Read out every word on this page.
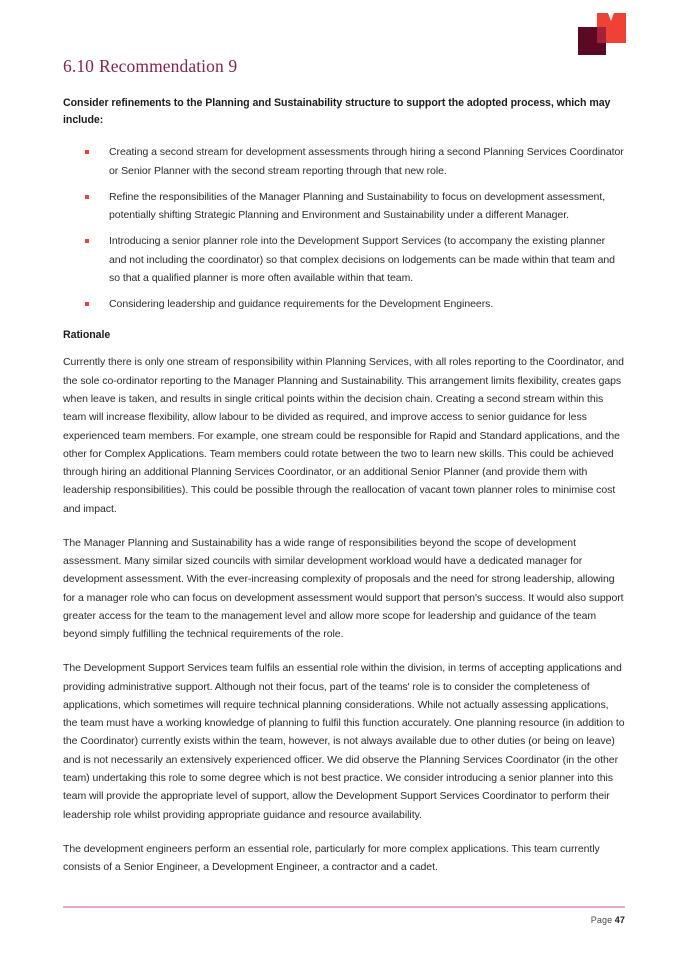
6.10 Recommendation 9

Consider refinements to the Planning and Sustainability structure to support the adopted process, which may include:

Creating a second stream for development assessments through hiring a second Planning Services Coordinator or Senior Planner with the second stream reporting through that new role.
Refine the responsibilities of the Manager Planning and Sustainability to focus on development assessment, potentially shifting Strategic Planning and Environment and Sustainability under a different Manager.
Introducing a senior planner role into the Development Support Services (to accompany the existing planner and not including the coordinator) so that complex decisions on lodgements can be made within that team and so that a qualified planner is more often available within that team.
Considering leadership and guidance requirements for the Development Engineers.
Rationale

Currently there is only one stream of responsibility within Planning Services, with all roles reporting to the Coordinator, and the sole co-ordinator reporting to the Manager Planning and Sustainability. This arrangement limits flexibility, creates gaps when leave is taken, and results in single critical points within the decision chain. Creating a second stream within this team will increase flexibility, allow labour to be divided as required, and improve access to senior guidance for less experienced team members. For example, one stream could be responsible for Rapid and Standard applications, and the other for Complex Applications. Team members could rotate between the two to learn new skills. This could be achieved through hiring an additional Planning Services Coordinator, or an additional Senior Planner (and provide them with leadership responsibilities). This could be possible through the reallocation of vacant town planner roles to minimise cost and impact.

The Manager Planning and Sustainability has a wide range of responsibilities beyond the scope of development assessment. Many similar sized councils with similar development workload would have a dedicated manager for development assessment. With the ever-increasing complexity of proposals and the need for strong leadership, allowing for a manager role who can focus on development assessment would support that person's success. It would also support greater access for the team to the management level and allow more scope for leadership and guidance of the team beyond simply fulfilling the technical requirements of the role.

The Development Support Services team fulfils an essential role within the division, in terms of accepting applications and providing administrative support. Although not their focus, part of the teams' role is to consider the completeness of applications, which sometimes will require technical planning considerations. While not actually assessing applications, the team must have a working knowledge of planning to fulfil this function accurately. One planning resource (in addition to the Coordinator) currently exists within the team, however, is not always available due to other duties (or being on leave) and is not necessarily an extensively experienced officer. We did observe the Planning Services Coordinator (in the other team) undertaking this role to some degree which is not best practice. We consider introducing a senior planner into this team will provide the appropriate level of support, allow the Development Support Services Coordinator to perform their leadership role whilst providing appropriate guidance and resource availability.

The development engineers perform an essential role, particularly for more complex applications. This team currently consists of a Senior Engineer, a Development Engineer, a contractor and a cadet.

Page 47
